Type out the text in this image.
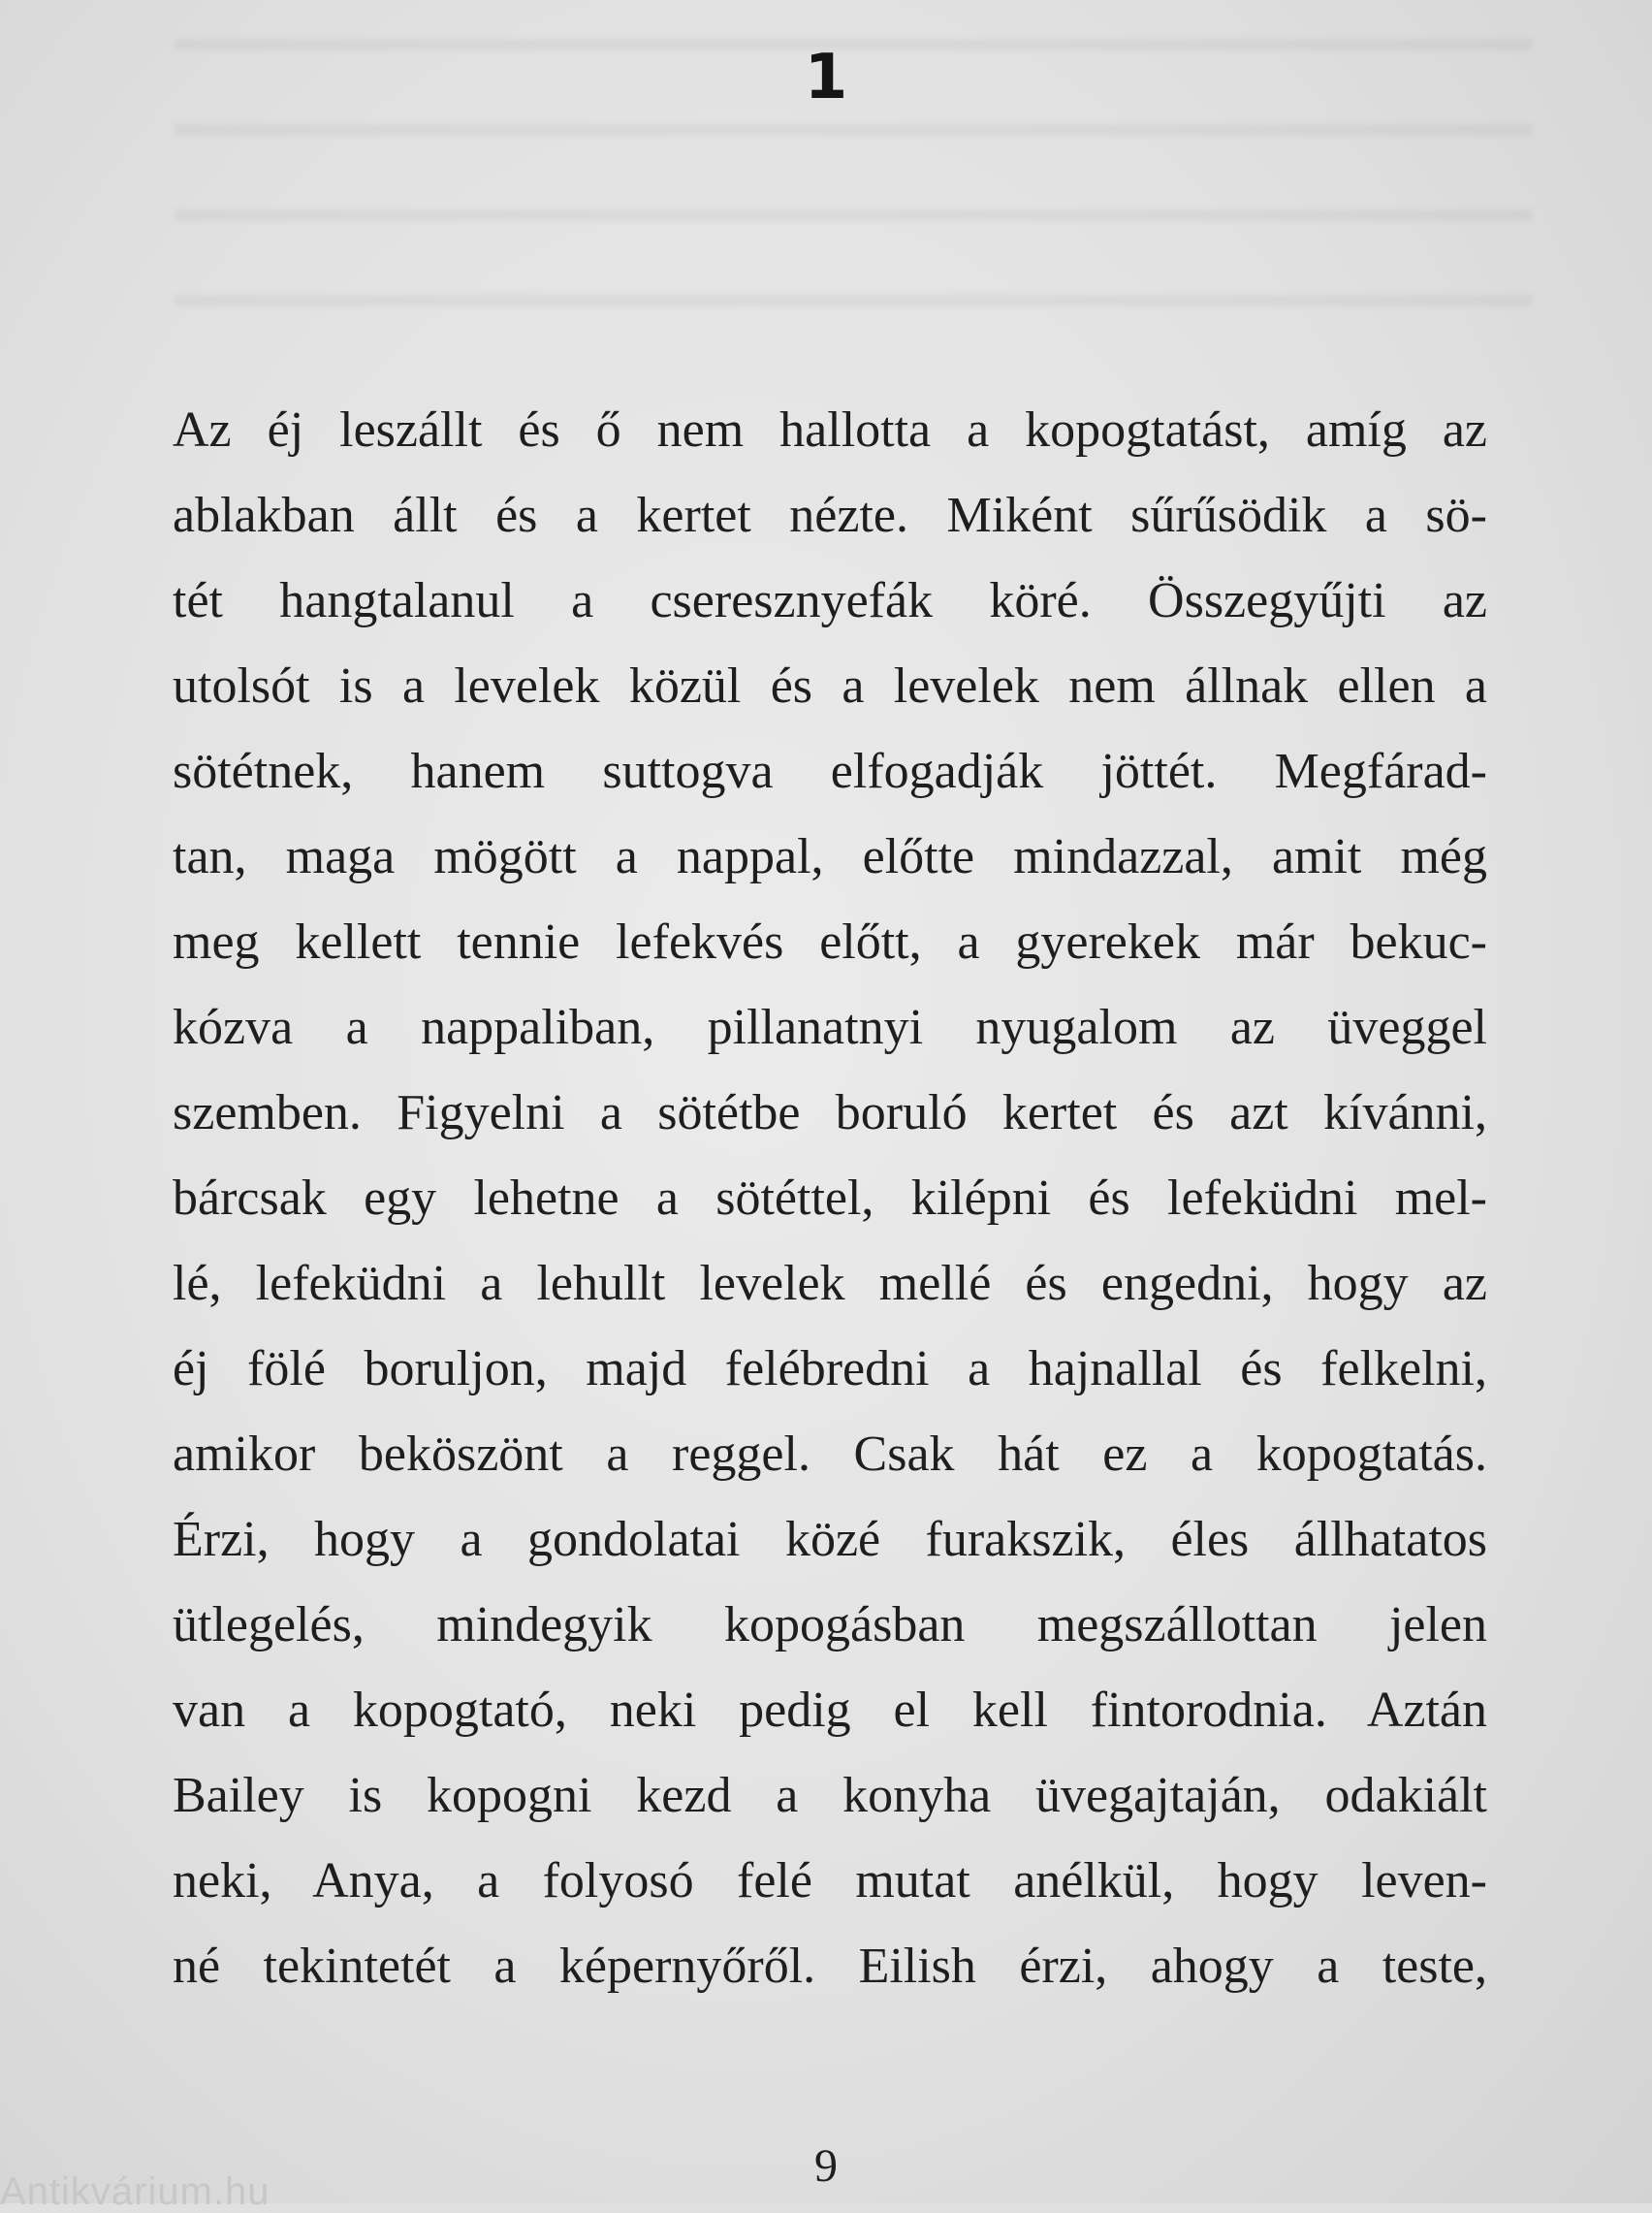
1
Az éj leszállt és ő nem hallotta a kopogtatást, amíg az
ablakban állt és a kertet nézte. Miként sűrűsödik a sö-
tét hangtalanul a cseresznyefák köré. Összegyűjti az
utolsót is a levelek közül és a levelek nem állnak ellen a
sötétnek, hanem suttogva elfogadják jöttét. Megfárad-
tan, maga mögött a nappal, előtte mindazzal, amit még
meg kellett tennie lefekvés előtt, a gyerekek már bekuc-
kózva a nappaliban, pillanatnyi nyugalom az üveggel
szemben. Figyelni a sötétbe boruló kertet és azt kívánni,
bárcsak egy lehetne a sötéttel, kilépni és lefeküdni mel-
lé, lefeküdni a lehullt levelek mellé és engedni, hogy az
éj fölé boruljon, majd felébredni a hajnallal és felkelni,
amikor beköszönt a reggel. Csak hát ez a kopogtatás.
Érzi, hogy a gondolatai közé furakszik, éles állhatatos
ütlegelés, mindegyik kopogásban megszállottan jelen
van a kopogtató, neki pedig el kell fintorodnia. Aztán
Bailey is kopogni kezd a konyha üvegajtaján, odakiált
neki, Anya, a folyosó felé mutat anélkül, hogy leven-
né tekintetét a képernyőről. Eilish érzi, ahogy a teste,
9
Antikvárium.hu
